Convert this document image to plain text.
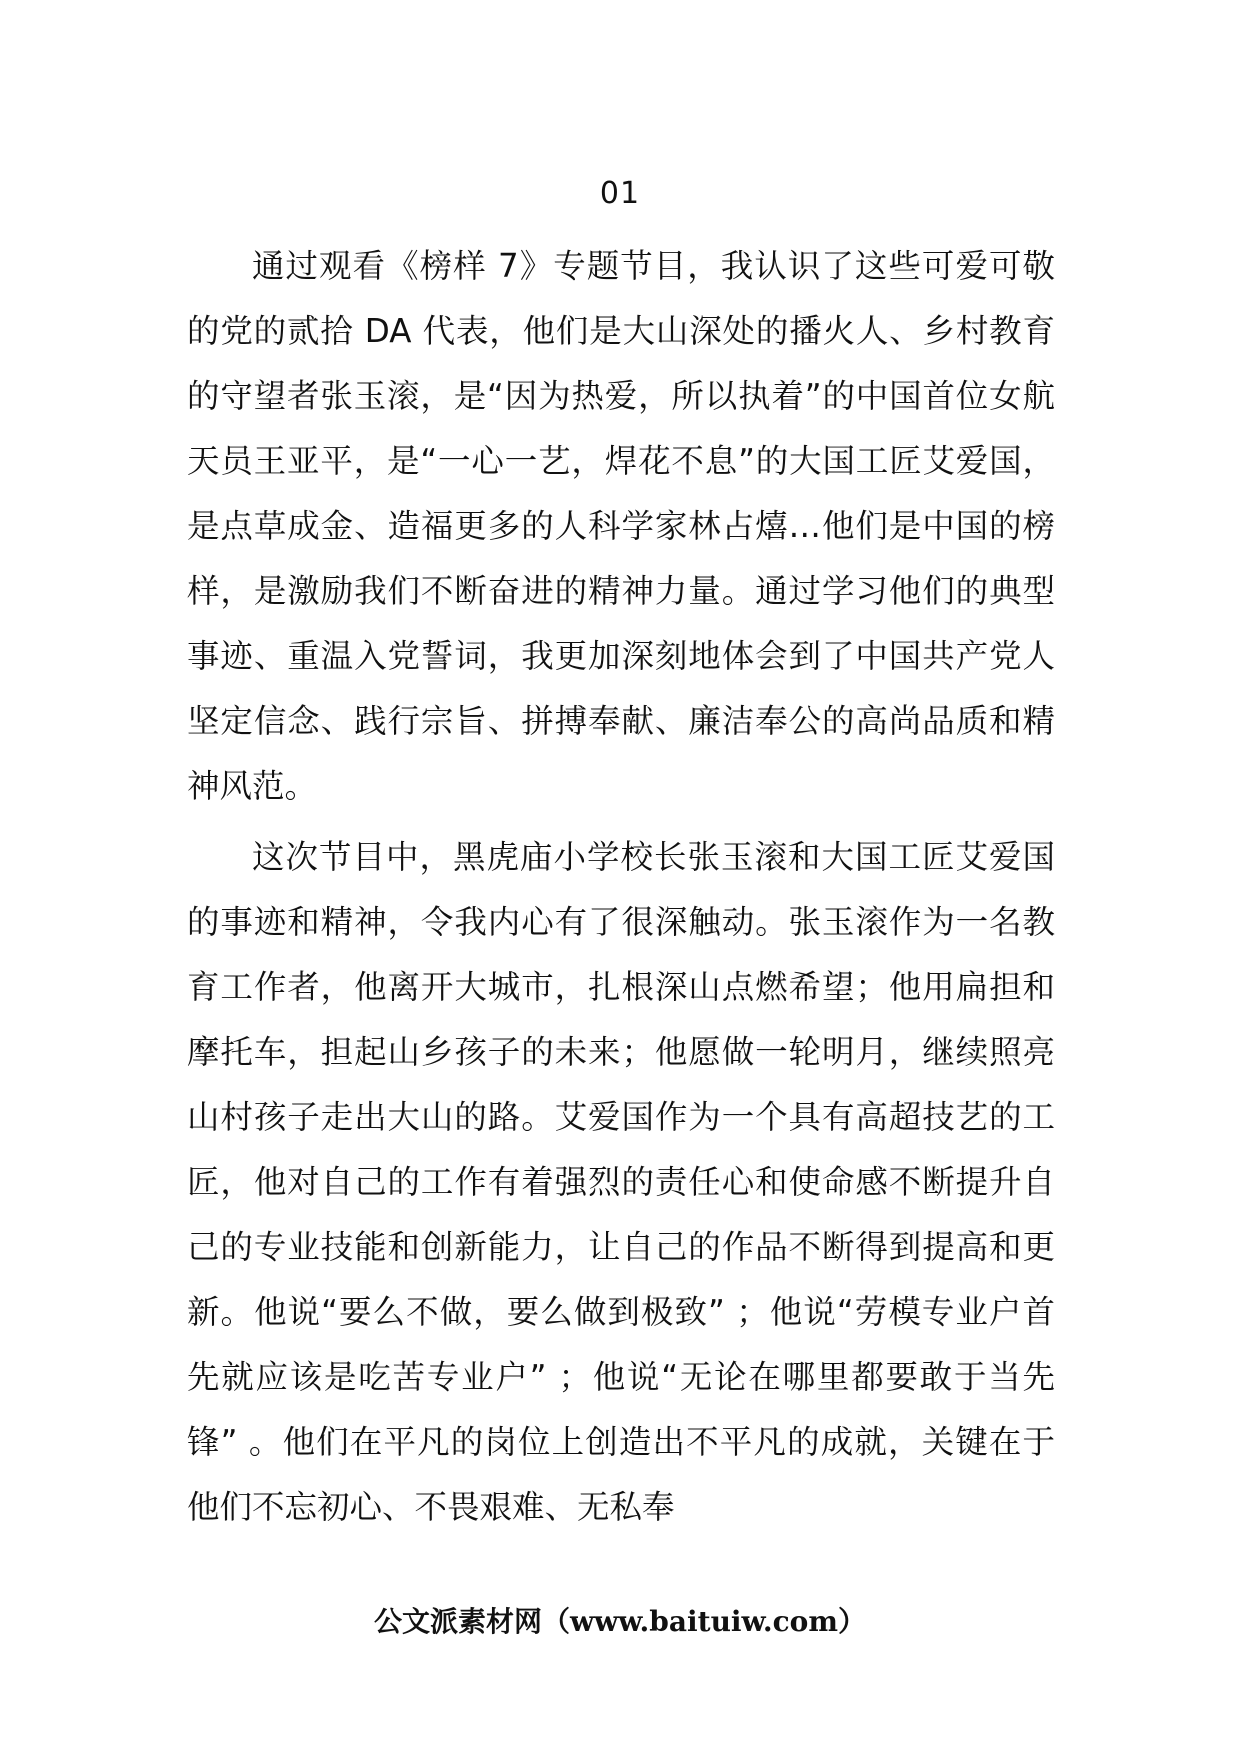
01

通过观看《榜样 7》专题节目，我认识了这些可爱可敬的党的贰拾 DA 代表，他们是大山深处的播火人、乡村教育的守望者张玉滚，是“因为热爱，所以执着”的中国首位女航天员王亚平，是“一心一艺，焊花不息”的大国工匠艾爱国，是点草成金、造福更多的人科学家林占熺…他们是中国的榜样，是激励我们不断奋进的精神力量。通过学习他们的典型事迹、重温入党誓词，我更加深刻地体会到了中国共产党人坚定信念、践行宗旨、拼搏奉献、廉洁奉公的高尚品质和精神风范。

这次节目中，黑虎庙小学校长张玉滚和大国工匠艾爱国的事迹和精神，令我内心有了很深触动。张玉滚作为一名教育工作者，他离开大城市，扎根深山点燃希望；他用扁担和摩托车，担起山乡孩子的未来；他愿做一轮明月，继续照亮山村孩子走出大山的路。艾爱国作为一个具有高超技艺的工匠，他对自己的工作有着强烈的责任心和使命感不断提升自己的专业技能和创新能力，让自己的作品不断得到提高和更新。他说“要么不做，要么做到极致” ；他说“劳模专业户首先就应该是吃苦专业户” ；他说“无论在哪里都要敢于当先锋” 。他们在平凡的岗位上创造出不平凡的成就，关键在于他们不忘初心、不畏艰难、无私奉

公文派素材网（www.baituiw.com）
